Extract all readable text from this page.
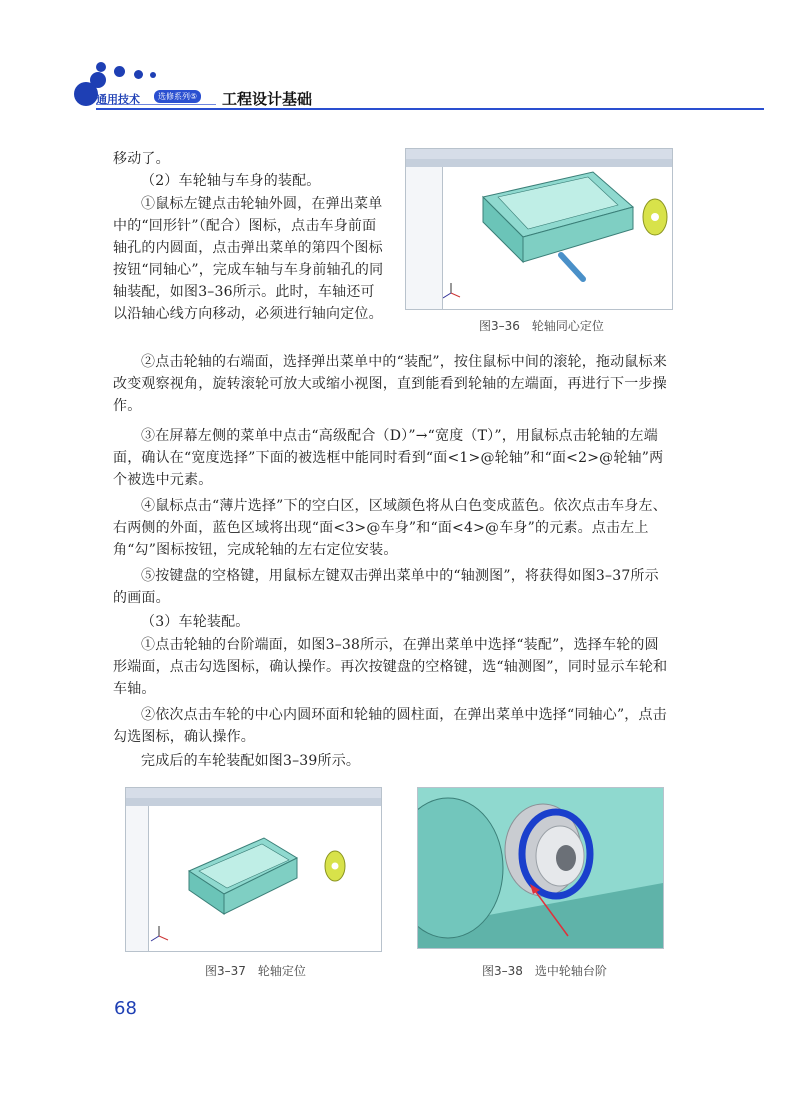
通用技术	选修系列⑤ 工程设计基础
移动了。
（2）车轮轴与车身的装配。
①鼠标左键点击轮轴外圆，在弹出菜单中的“回形针”（配合）图标，点击车身前面轴孔的内圆面，点击弹出菜单的第四个图标按钮“同轴心”，完成车轴与车身前轴孔的同轴装配，如图3–36所示。此时，车轴还可以沿轴心线方向移动，必须进行轴向定位。
②点击轮轴的右端面，选择弹出菜单中的“装配”，按住鼠标中间的滚轮，拖动鼠标来改变观察视角，旋转滚轮可放大或缩小视图，直到能看到轮轴的左端面，再进行下一步操作。
③在屏幕左侧的菜单中点击“高级配合（D）”→“宽度（T）”，用鼠标点击轮轴的左端面，确认在“宽度选择”下面的被选框中能同时看到“面<1>@轮轴”和“面<2>@轮轴”两个被选中元素。
④鼠标点击“薄片选择”下的空白区，区域颜色将从白色变成蓝色。依次点击车身左、右两侧的外面，蓝色区域将出现“面<3>@车身”和“面<4>@车身”的元素。点击左上角“勾”图标按钮，完成轮轴的左右定位安装。
⑤按键盘的空格键，用鼠标左键双击弹出菜单中的“轴测图”，将获得如图3–37所示的画面。
（3）车轮装配。
①点击轮轴的台阶端面，如图3–38所示，在弹出菜单中选择“装配”，选择车轮的圆形端面，点击勾选图标，确认操作。再次按键盘的空格键，选“轴测图”，同时显示车轮和车轴。
②依次点击车轮的中心内圆环面和轮轴的圆柱面，在弹出菜单中选择“同轴心”，点击勾选图标，确认操作。
完成后的车轮装配如图3–39所示。
图3–36　轮轴同心定位
图3–37　轮轴定位	图3–38　选中轮轴台阶
68
